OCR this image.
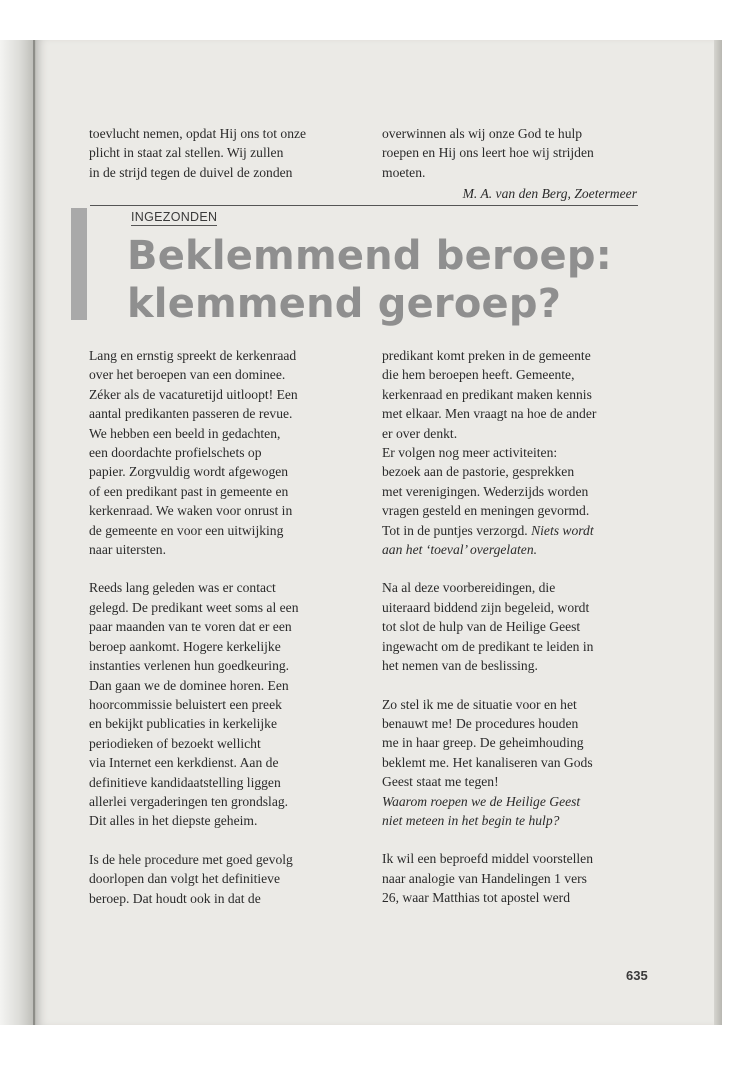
toevlucht nemen, opdat Hij ons tot onze
plicht in staat zal stellen. Wij zullen
in de strijd tegen de duivel de zonden

overwinnen als wij onze God te hulp
roepen en Hij ons leert hoe wij strijden
moeten.

M. A. van den Berg, Zoetermeer
INGEZONDEN
Beklemmend beroep:
klemmend geroep?

Lang en ernstig spreekt de kerkenraad
over het beroepen van een dominee.
Zéker als de vacaturetijd uitloopt! Een
aantal predikanten passeren de revue.
We hebben een beeld in gedachten,
een doordachte profielschets op
papier. Zorgvuldig wordt afgewogen
of een predikant past in gemeente en
kerkenraad. We waken voor onrust in
de gemeente en voor een uitwijking
naar uitersten.

Reeds lang geleden was er contact
gelegd. De predikant weet soms al een
paar maanden van te voren dat er een
beroep aankomt. Hogere kerkelijke
instanties verlenen hun goedkeuring.
Dan gaan we de dominee horen. Een
hoorcommissie beluistert een preek
en bekijkt publicaties in kerkelijke
periodieken of bezoekt wellicht
via Internet een kerkdienst. Aan de
definitieve kandidaatstelling liggen
allerlei vergaderingen ten grondslag.
Dit alles in het diepste geheim.

Is de hele procedure met goed gevolg
doorlopen dan volgt het definitieve
beroep. Dat houdt ook in dat de

predikant komt preken in de gemeente
die hem beroepen heeft. Gemeente,
kerkenraad en predikant maken kennis
met elkaar. Men vraagt na hoe de ander
er over denkt.
Er volgen nog meer activiteiten:
bezoek aan de pastorie, gesprekken
met verenigingen. Wederzijds worden
vragen gesteld en meningen gevormd.
Tot in de puntjes verzorgd. Niets wordt
aan het ‘toeval’ overgelaten.

Na al deze voorbereidingen, die
uiteraard biddend zijn begeleid, wordt
tot slot de hulp van de Heilige Geest
ingewacht om de predikant te leiden in
het nemen van de beslissing.

Zo stel ik me de situatie voor en het
benauwt me! De procedures houden
me in haar greep. De geheimhouding
beklemt me. Het kanaliseren van Gods
Geest staat me tegen!
Waarom roepen we de Heilige Geest
niet meteen in het begin te hulp?

Ik wil een beproefd middel voorstellen
naar analogie van Handelingen 1 vers
26, waar Matthias tot apostel werd

635
